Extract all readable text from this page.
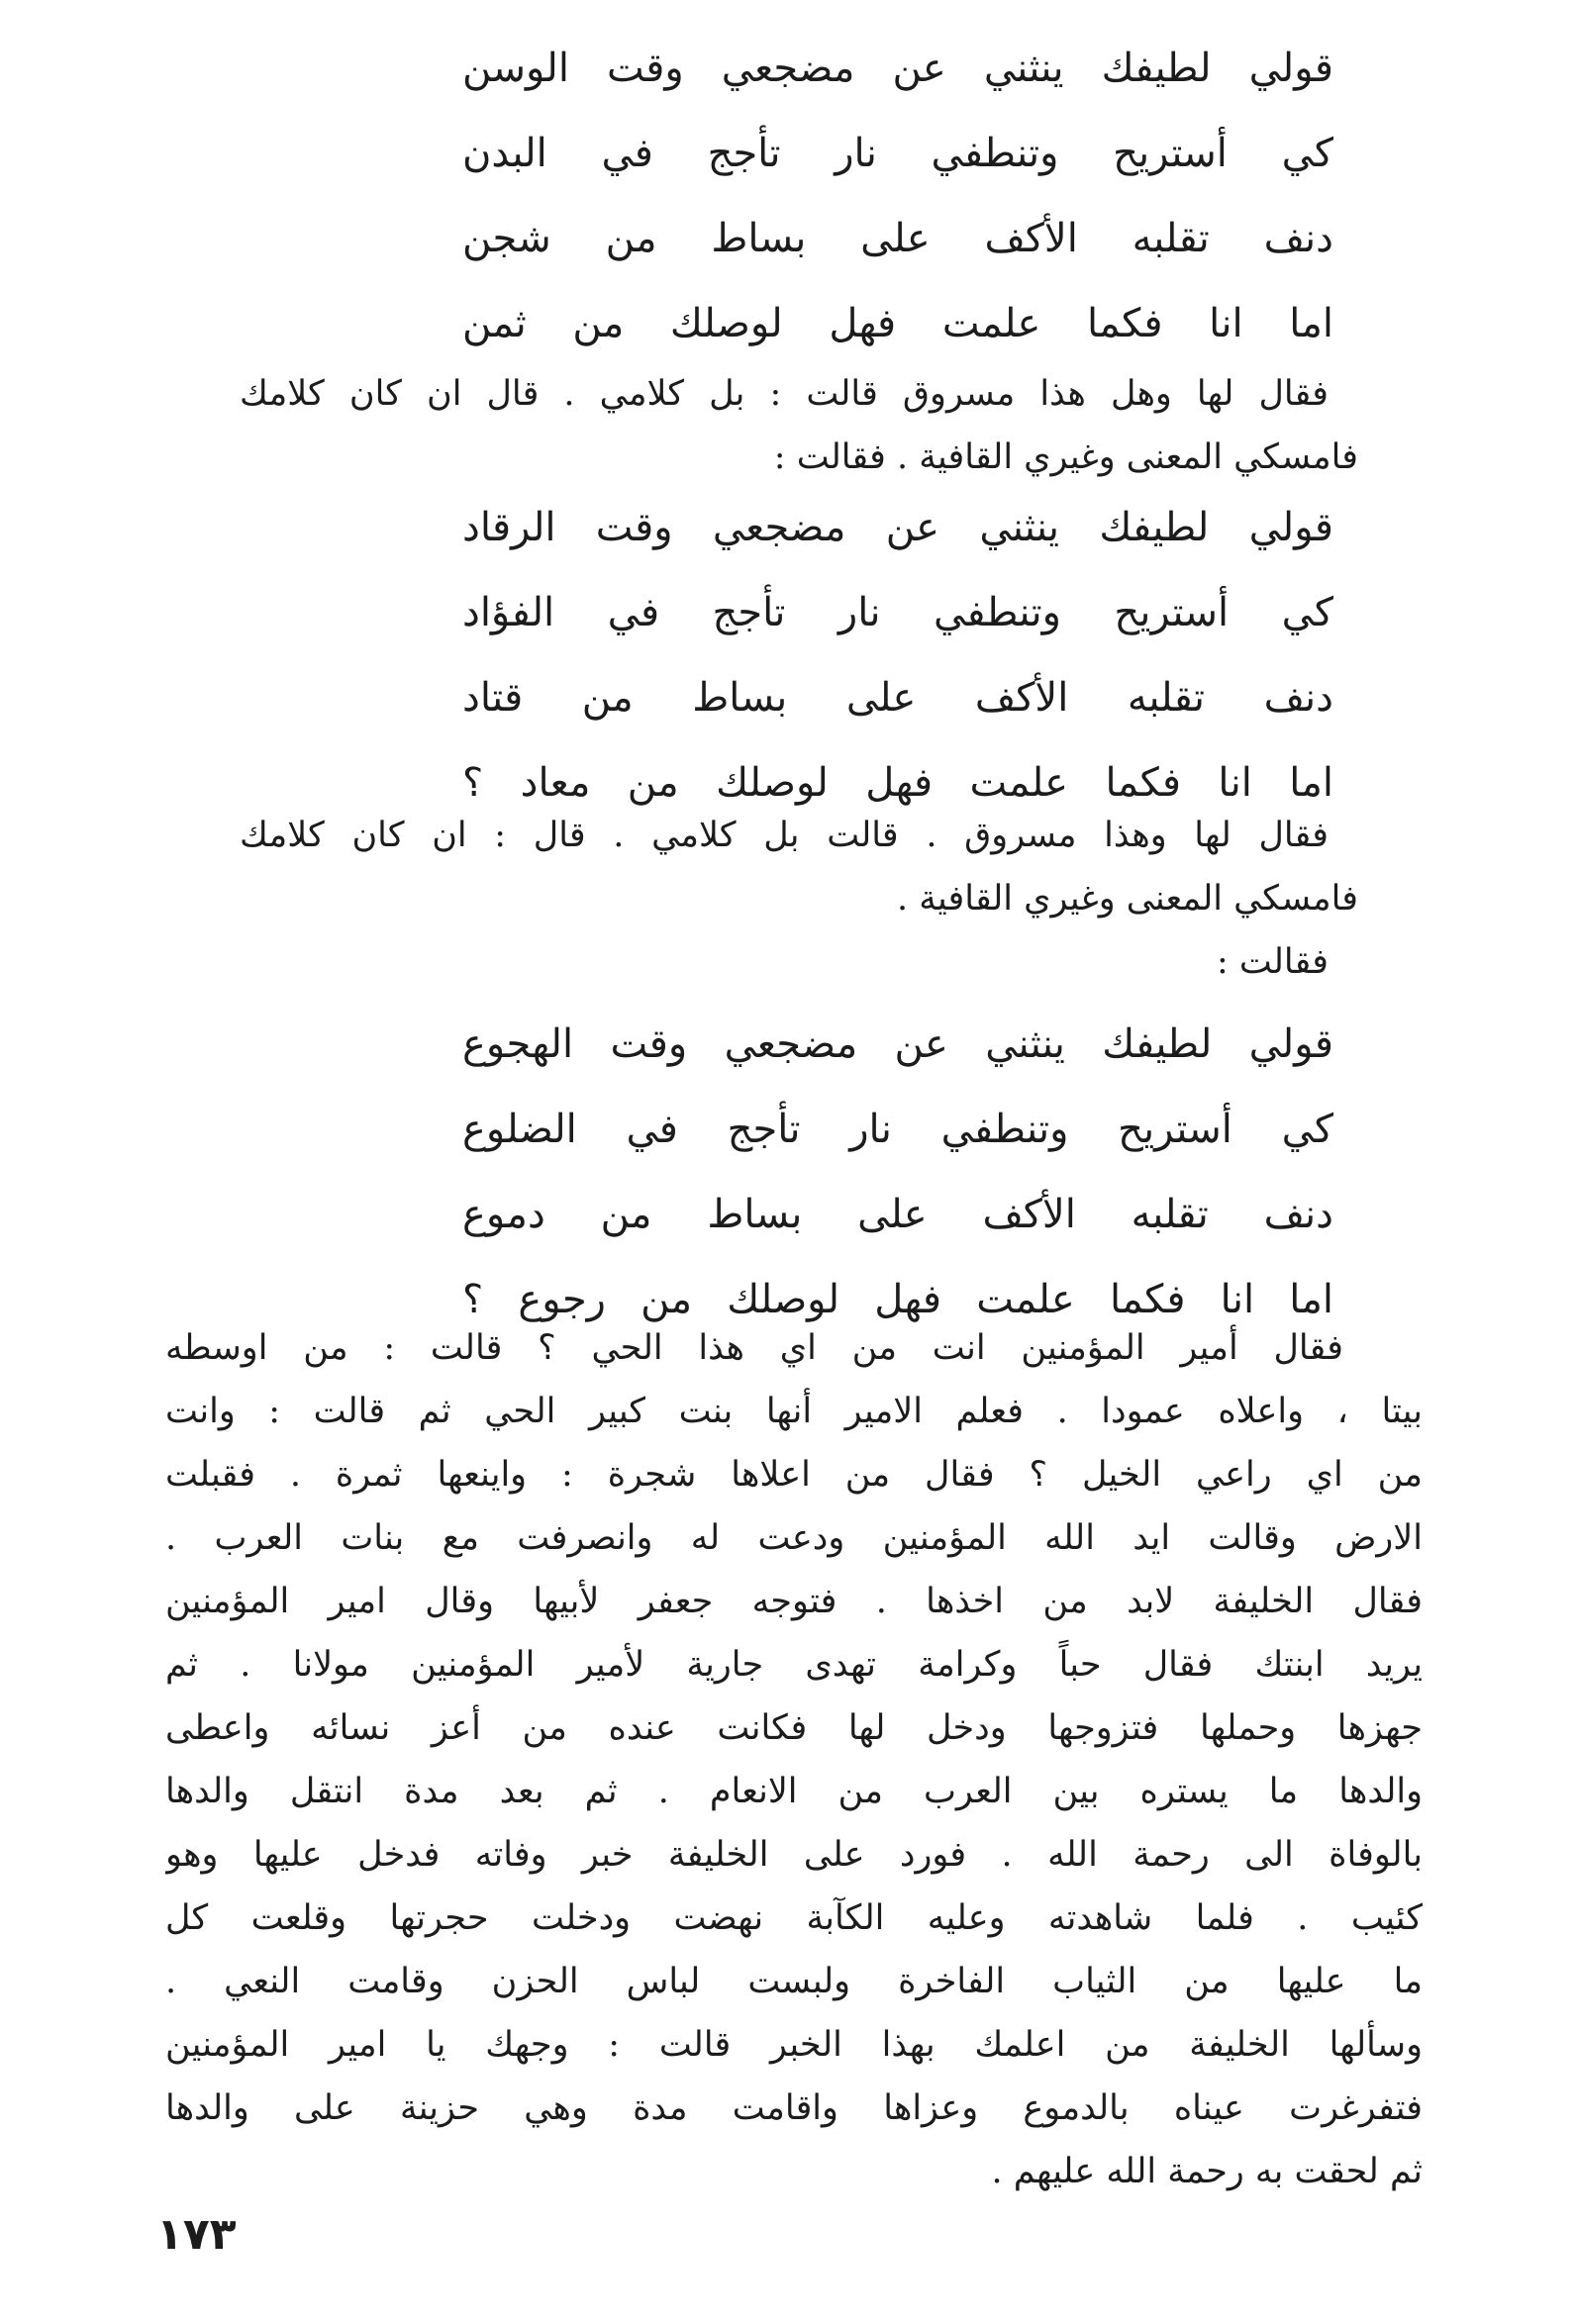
قولي لطيفك ينثني عن مضجعي وقت الوسن
كي أستريح وتنطفي نار تأجج في البدن
دنف تقلبه الأكف على بساط من شجن
اما انا فكما علمت فهل لوصلك من ثمن
فقال لها وهل هذا مسروق قالت : بل كلامي . قال ان كان كلامك
فامسكي المعنى وغيري القافية . فقالت :
قولي لطيفك ينثني عن مضجعي وقت الرقاد
كي أستريح وتنطفي نار تأجج في الفؤاد
دنف تقلبه الأكف على بساط من قتاد
اما انا فكما علمت فهل لوصلك من معاد ؟
فقال لها وهذا مسروق . قالت بل كلامي . قال : ان كان كلامك
فامسكي المعنى وغيري القافية .
فقالت :
قولي لطيفك ينثني عن مضجعي وقت الهجوع
كي أستريح وتنطفي نار تأجج في الضلوع
دنف تقلبه الأكف على بساط من دموع
اما انا فكما علمت فهل لوصلك من رجوع ؟
فقال أمير المؤمنين انت من اي هذا الحي ؟ قالت : من اوسطه
بيتا ، واعلاه عمودا . فعلم الامير أنها بنت كبير الحي ثم قالت : وانت
من اي راعي الخيل ؟ فقال من اعلاها شجرة : واينعها ثمرة . فقبلت
الارض وقالت ايد الله المؤمنين ودعت له وانصرفت مع بنات العرب .
فقال الخليفة لابد من اخذها . فتوجه جعفر لأبيها وقال امير المؤمنين
يريد ابنتك فقال حباً وكرامة تهدى جارية لأمير المؤمنين مولانا . ثم
جهزها وحملها فتزوجها ودخل لها فكانت عنده من أعز نسائه واعطى
والدها ما يستره بين العرب من الانعام . ثم بعد مدة انتقل والدها
بالوفاة الى رحمة الله . فورد على الخليفة خبر وفاته فدخل عليها وهو
كئيب . فلما شاهدته وعليه الكآبة نهضت ودخلت حجرتها وقلعت كل
ما عليها من الثياب الفاخرة ولبست لباس الحزن وقامت النعي .
وسألها الخليفة من اعلمك بهذا الخبر قالت : وجهك يا امير المؤمنين
فتفرغرت عيناه بالدموع وعزاها واقامت مدة وهي حزينة على والدها
ثم لحقت به رحمة الله عليهم .
١٧٣
